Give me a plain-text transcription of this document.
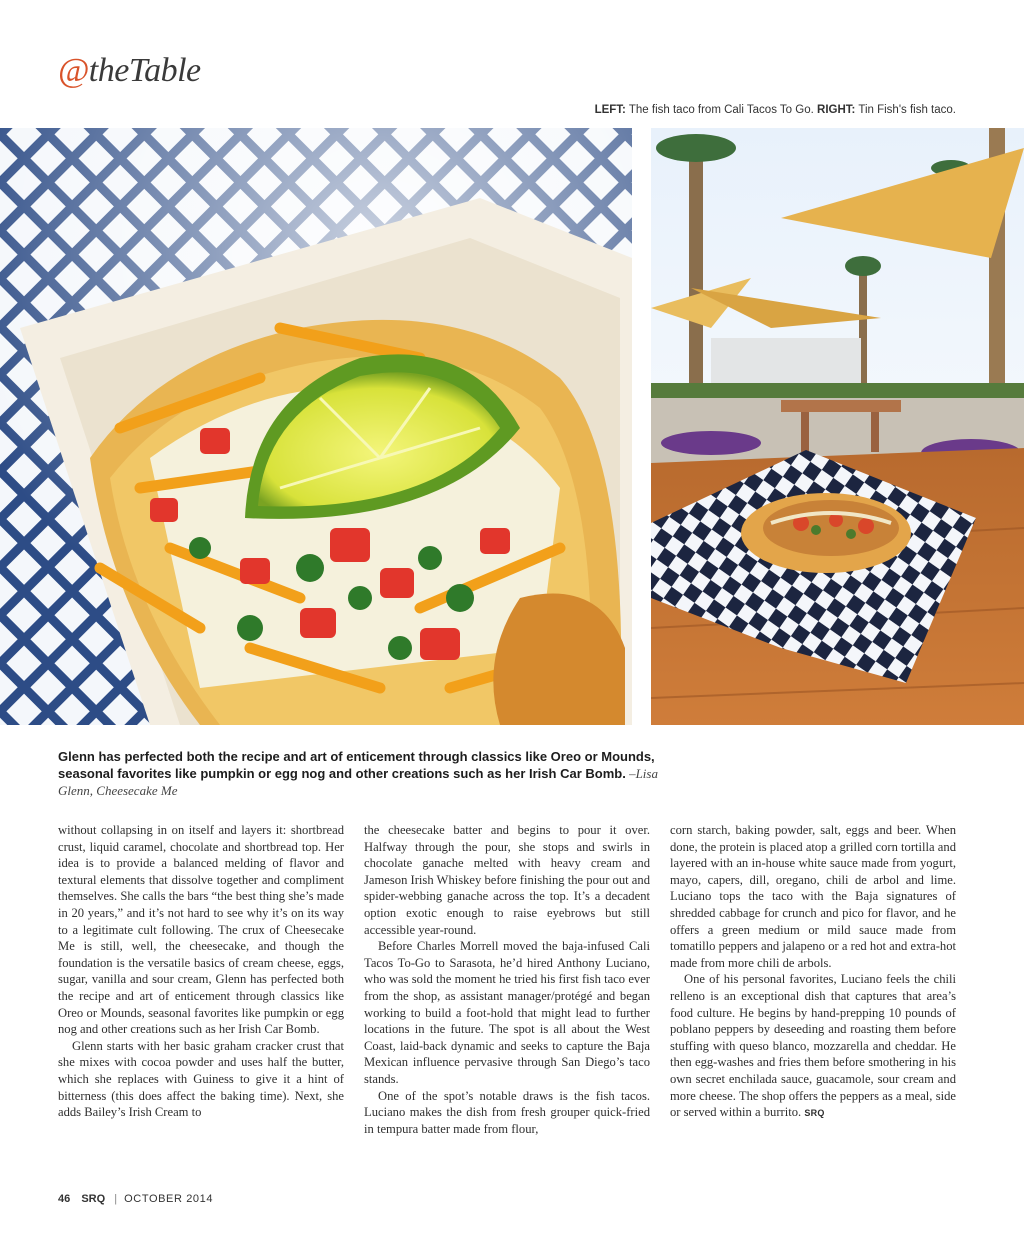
@theTable
LEFT: The fish taco from Cali Tacos To Go. RIGHT: Tin Fish's fish taco.
Glenn has perfected both the recipe and art of enticement through classics like Oreo or Mounds, seasonal favorites like pumpkin or egg nog and other creations such as her Irish Car Bomb. –Lisa Glenn, Cheesecake Me

without collapsing in on itself and layers it: shortbread crust, liquid caramel, chocolate and shortbread top. Her idea is to provide a balanced melding of flavor and textural elements that dissolve together and compliment themselves. She calls the bars “the best thing she’s made in 20 years,” and it’s not hard to see why it’s on its way to a legitimate cult following. The crux of Cheesecake Me is still, well, the cheesecake, and though the foundation is the versatile basics of cream cheese, eggs, sugar, vanilla and sour cream, Glenn has perfected both the recipe and art of enticement through classics like Oreo or Mounds, seasonal favorites like pumpkin or egg nog and other creations such as her Irish Car Bomb.

Glenn starts with her basic graham cracker crust that she mixes with cocoa powder and uses half the butter, which she replaces with Guiness to give it a hint of bitterness (this does affect the baking time). Next, she adds Bailey’s Irish Cream to

the cheesecake batter and begins to pour it over. Halfway through the pour, she stops and swirls in chocolate ganache melted with heavy cream and Jameson Irish Whiskey before finishing the pour out and spider-webbing ganache across the top. It’s a decadent option exotic enough to raise eyebrows but still accessible year-round.

Before Charles Morrell moved the baja-infused Cali Tacos To-Go to Sarasota, he’d hired Anthony Luciano, who was sold the moment he tried his first fish taco ever from the shop, as assistant manager/protégé and began working to build a foot-hold that might lead to further locations in the future. The spot is all about the West Coast, laid-back dynamic and seeks to capture the Baja Mexican influence pervasive through San Diego’s taco stands.

One of the spot’s notable draws is the fish tacos. Luciano makes the dish from fresh grouper quick-fried in tempura batter made from flour,

corn starch, baking powder, salt, eggs and beer. When done, the protein is placed atop a grilled corn tortilla and layered with an in-house white sauce made from yogurt, mayo, capers, dill, oregano, chili de arbol and lime. Luciano tops the taco with the Baja signatures of shredded cabbage for crunch and pico for flavor, and he offers a green medium or mild sauce made from tomatillo peppers and jalapeno or a red hot and extra-hot made from more chili de arbols.

One of his personal favorites, Luciano feels the chili relleno is an exceptional dish that captures that area’s food culture. He begins by hand-prepping 10 pounds of poblano peppers by deseeding and roasting them before stuffing with queso blanco, mozzarella and cheddar. He then egg-washes and fries them before smothering in his own secret enchilada sauce, guacamole, sour cream and more cheese. The shop offers the peppers as a meal, side or served within a burrito. SRQ

46 SRQ | OCTOBER 2014
